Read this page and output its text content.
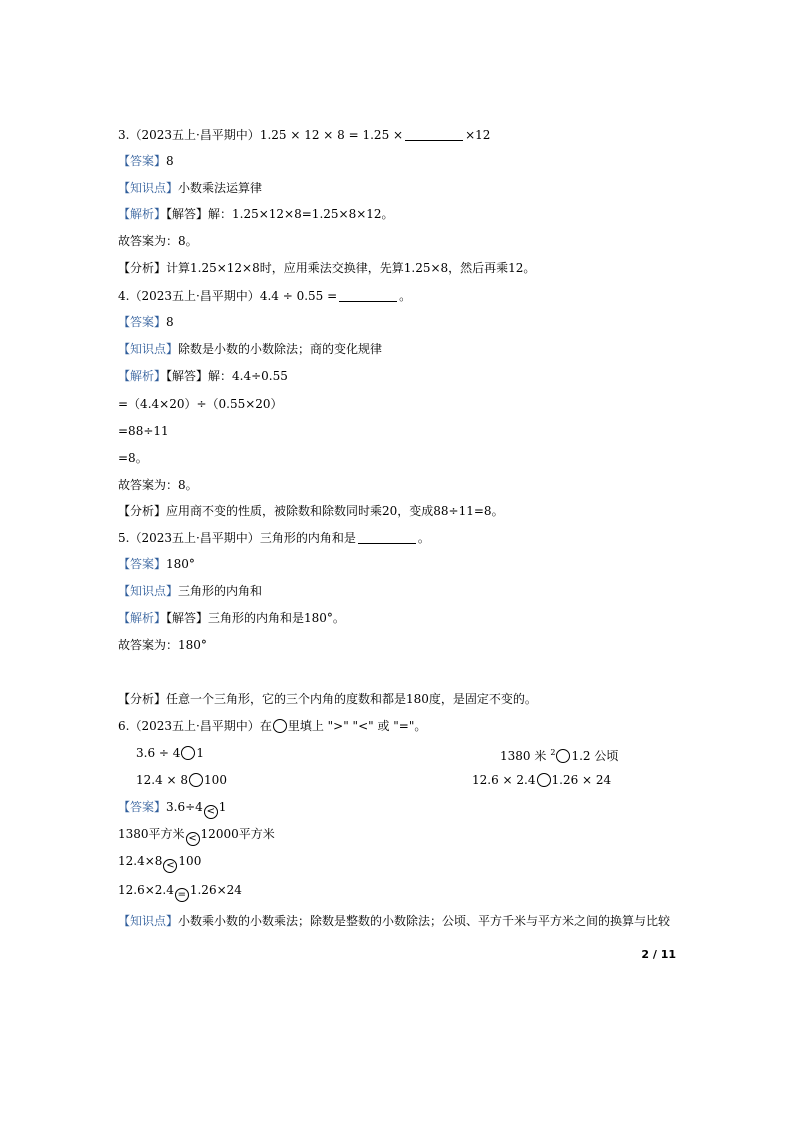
3.（2023五上·昌平期中）1.25 × 12 × 8 = 1.25 ×	×12
【答案】8
【知识点】小数乘法运算律
【解析】【解答】解：1.25×12×8=1.25×8×12。
故答案为：8。
【分析】计算1.25×12×8时，应用乘法交换律，先算1.25×8，然后再乘12。
4.（2023五上·昌平期中）4.4 ÷ 0.55 =	。
【答案】8
【知识点】除数是小数的小数除法；商的变化规律
【解析】【解答】解：4.4÷0.55
=（4.4×20）÷（0.55×20）
=88÷11
=8。
故答案为：8。
【分析】应用商不变的性质，被除数和除数同时乘20，变成88÷11=8。
5.（2023五上·昌平期中）三角形的内角和是	。
【答案】180°
【知识点】三角形的内角和
【解析】【解答】三角形的内角和是180°。
故答案为：180°
【分析】任意一个三角形，它的三个内角的度数和都是180度，是固定不变的。
6.（2023五上·昌平期中）在 里填上 ">" "<" 或 "="。
3.6 ÷ 4 1	1380 米 $^2$ 1.2 公顷
12.4 × 8 100	12.6 × 2.4 1.26 × 24
【答案】3.6÷4 < 1
1380平方米 < 12000平方米
12.4×8 < 100
12.6×2.4 = 1.26×24
【知识点】小数乘小数的小数乘法；除数是整数的小数除法；公顷、平方千米与平方米之间的换算与比较
2 / 11
